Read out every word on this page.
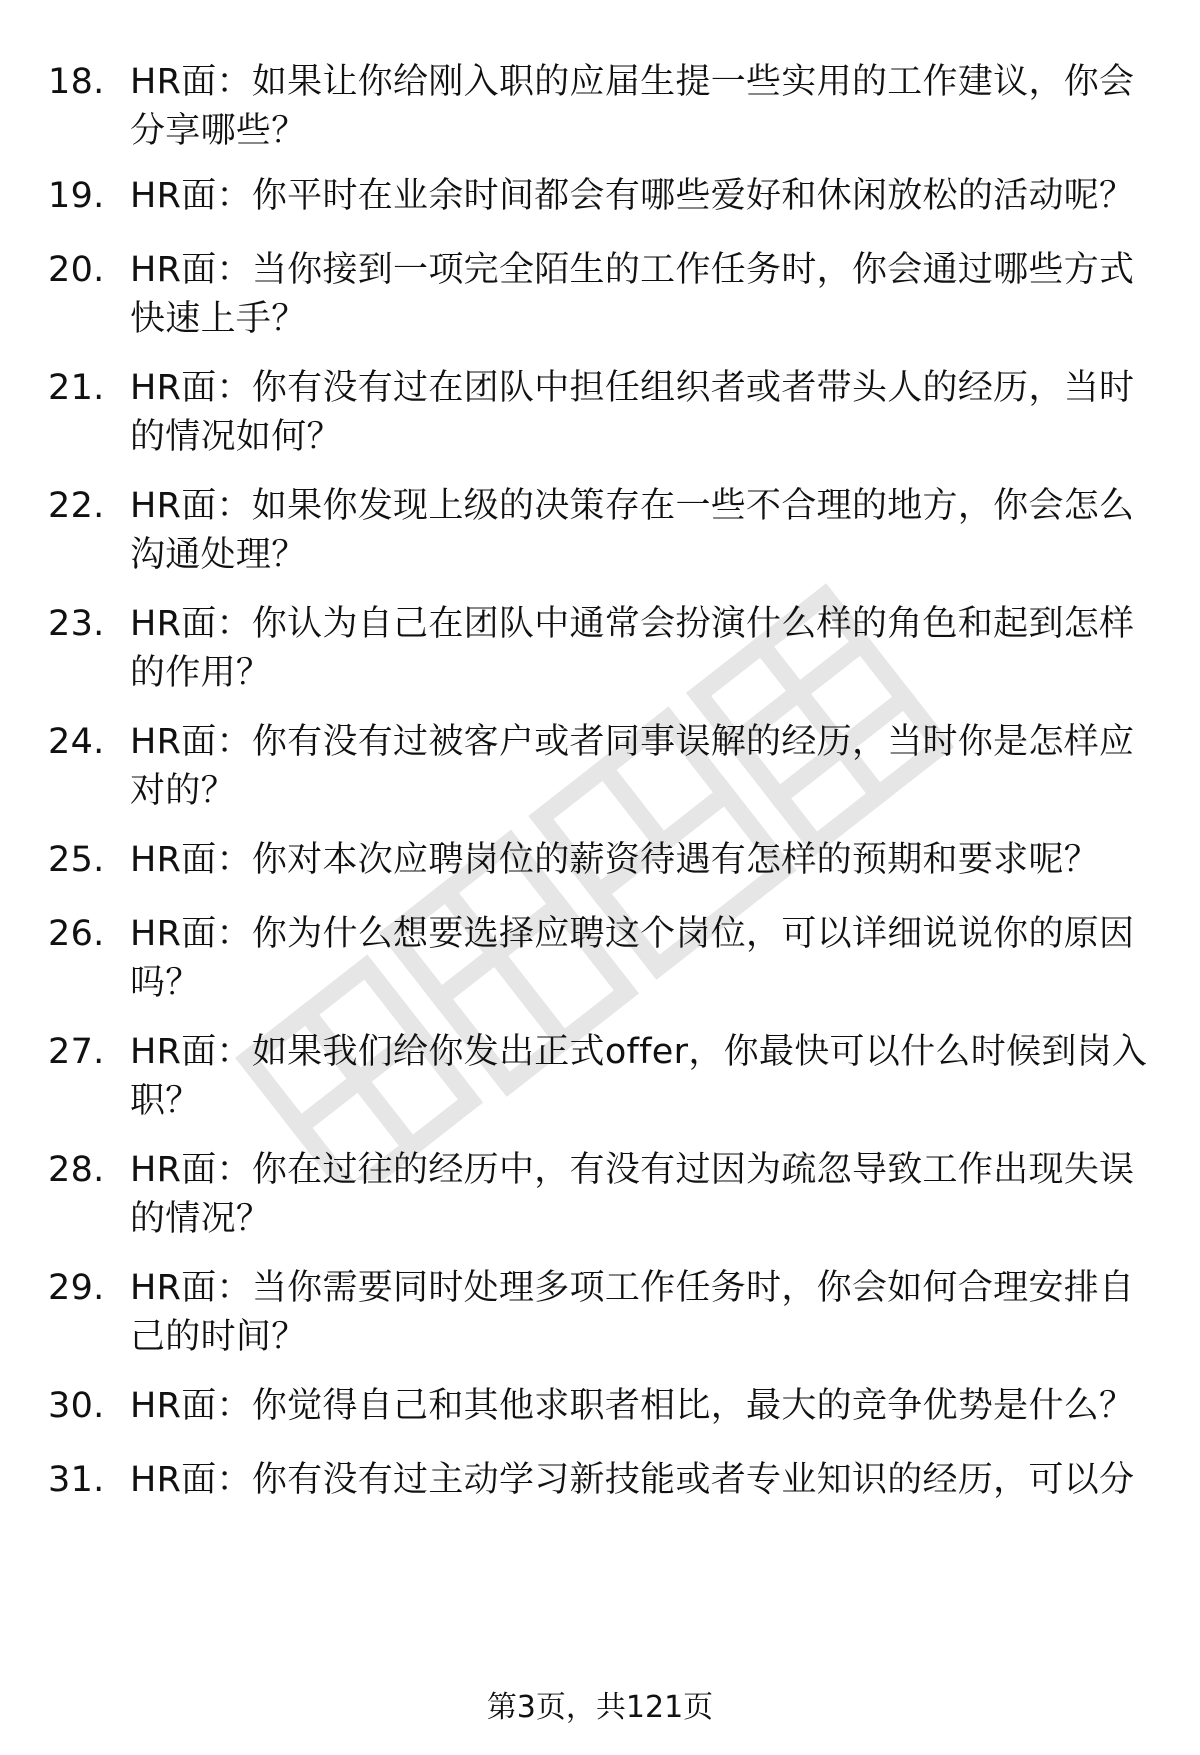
18. HR面：如果让你给刚入职的应届生提一些实用的工作建议，你会分享哪些？
19. HR面：你平时在业余时间都会有哪些爱好和休闲放松的活动呢？
20. HR面：当你接到一项完全陌生的工作任务时，你会通过哪些方式快速上手？
21. HR面：你有没有过在团队中担任组织者或者带头人的经历，当时的情况如何？
22. HR面：如果你发现上级的决策存在一些不合理的地方，你会怎么沟通处理？
23. HR面：你认为自己在团队中通常会扮演什么样的角色和起到怎样的作用？
24. HR面：你有没有过被客户或者同事误解的经历，当时你是怎样应对的？
25. HR面：你对本次应聘岗位的薪资待遇有怎样的预期和要求呢？
26. HR面：你为什么想要选择应聘这个岗位，可以详细说说你的原因吗？
27. HR面：如果我们给你发出正式offer，你最快可以什么时候到岗入职？
28. HR面：你在过往的经历中，有没有过因为疏忽导致工作出现失误的情况？
29. HR面：当你需要同时处理多项工作任务时，你会如何合理安排自己的时间？
30. HR面：你觉得自己和其他求职者相比，最大的竞争优势是什么？
31. HR面：你有没有过主动学习新技能或者专业知识的经历，可以分
第3页，共121页
